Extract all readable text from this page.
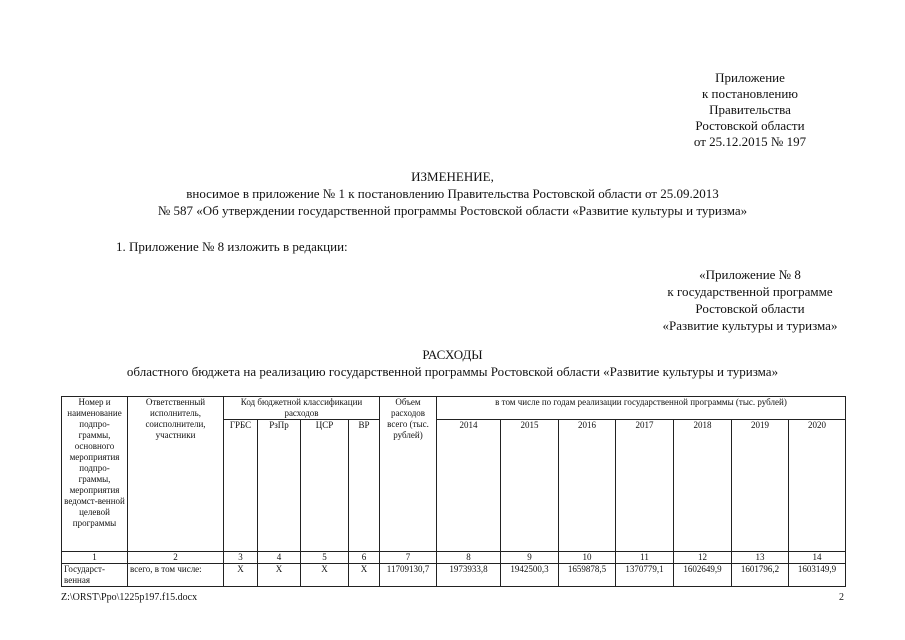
Приложение
к постановлению
Правительства
Ростовской области
от 25.12.2015 № 197
ИЗМЕНЕНИЕ,
вносимое в приложение № 1 к постановлению Правительства Ростовской области от 25.09.2013
№ 587 «Об утверждении государственной программы Ростовской области «Развитие культуры и туризма»
1. Приложение № 8 изложить в редакции:
«Приложение № 8
к государственной программе
Ростовской области
«Развитие культуры и туризма»
РАСХОДЫ
областного бюджета на реализацию государственной программы Ростовской области «Развитие культуры и туризма»
Номер и наименование подпро-граммы, основного мероприятия подпро-граммы, мероприятия ведомст-венной целевой программы	Ответственный исполнитель, соисполнители, участники	Код бюджетной классификации расходов				Объем расходов всего (тыс. рублей)	в том числе по годам реализации государственной программы (тыс. рублей)						
		ГРБС	РзПр	ЦСР	ВР		2014	2015	2016	2017	2018	2019	2020
1	2	3	4	5	6	7	8	9	10	11	12	13	14
Государст-венная	всего, в том числе:	Х	Х	Х	Х	11709130,7	1973933,8	1942500,3	1659878,5	1370779,1	1602649,9	1601796,2	1603149,9
Z:\ORST\Ppo\1225p197.f15.docx	2
